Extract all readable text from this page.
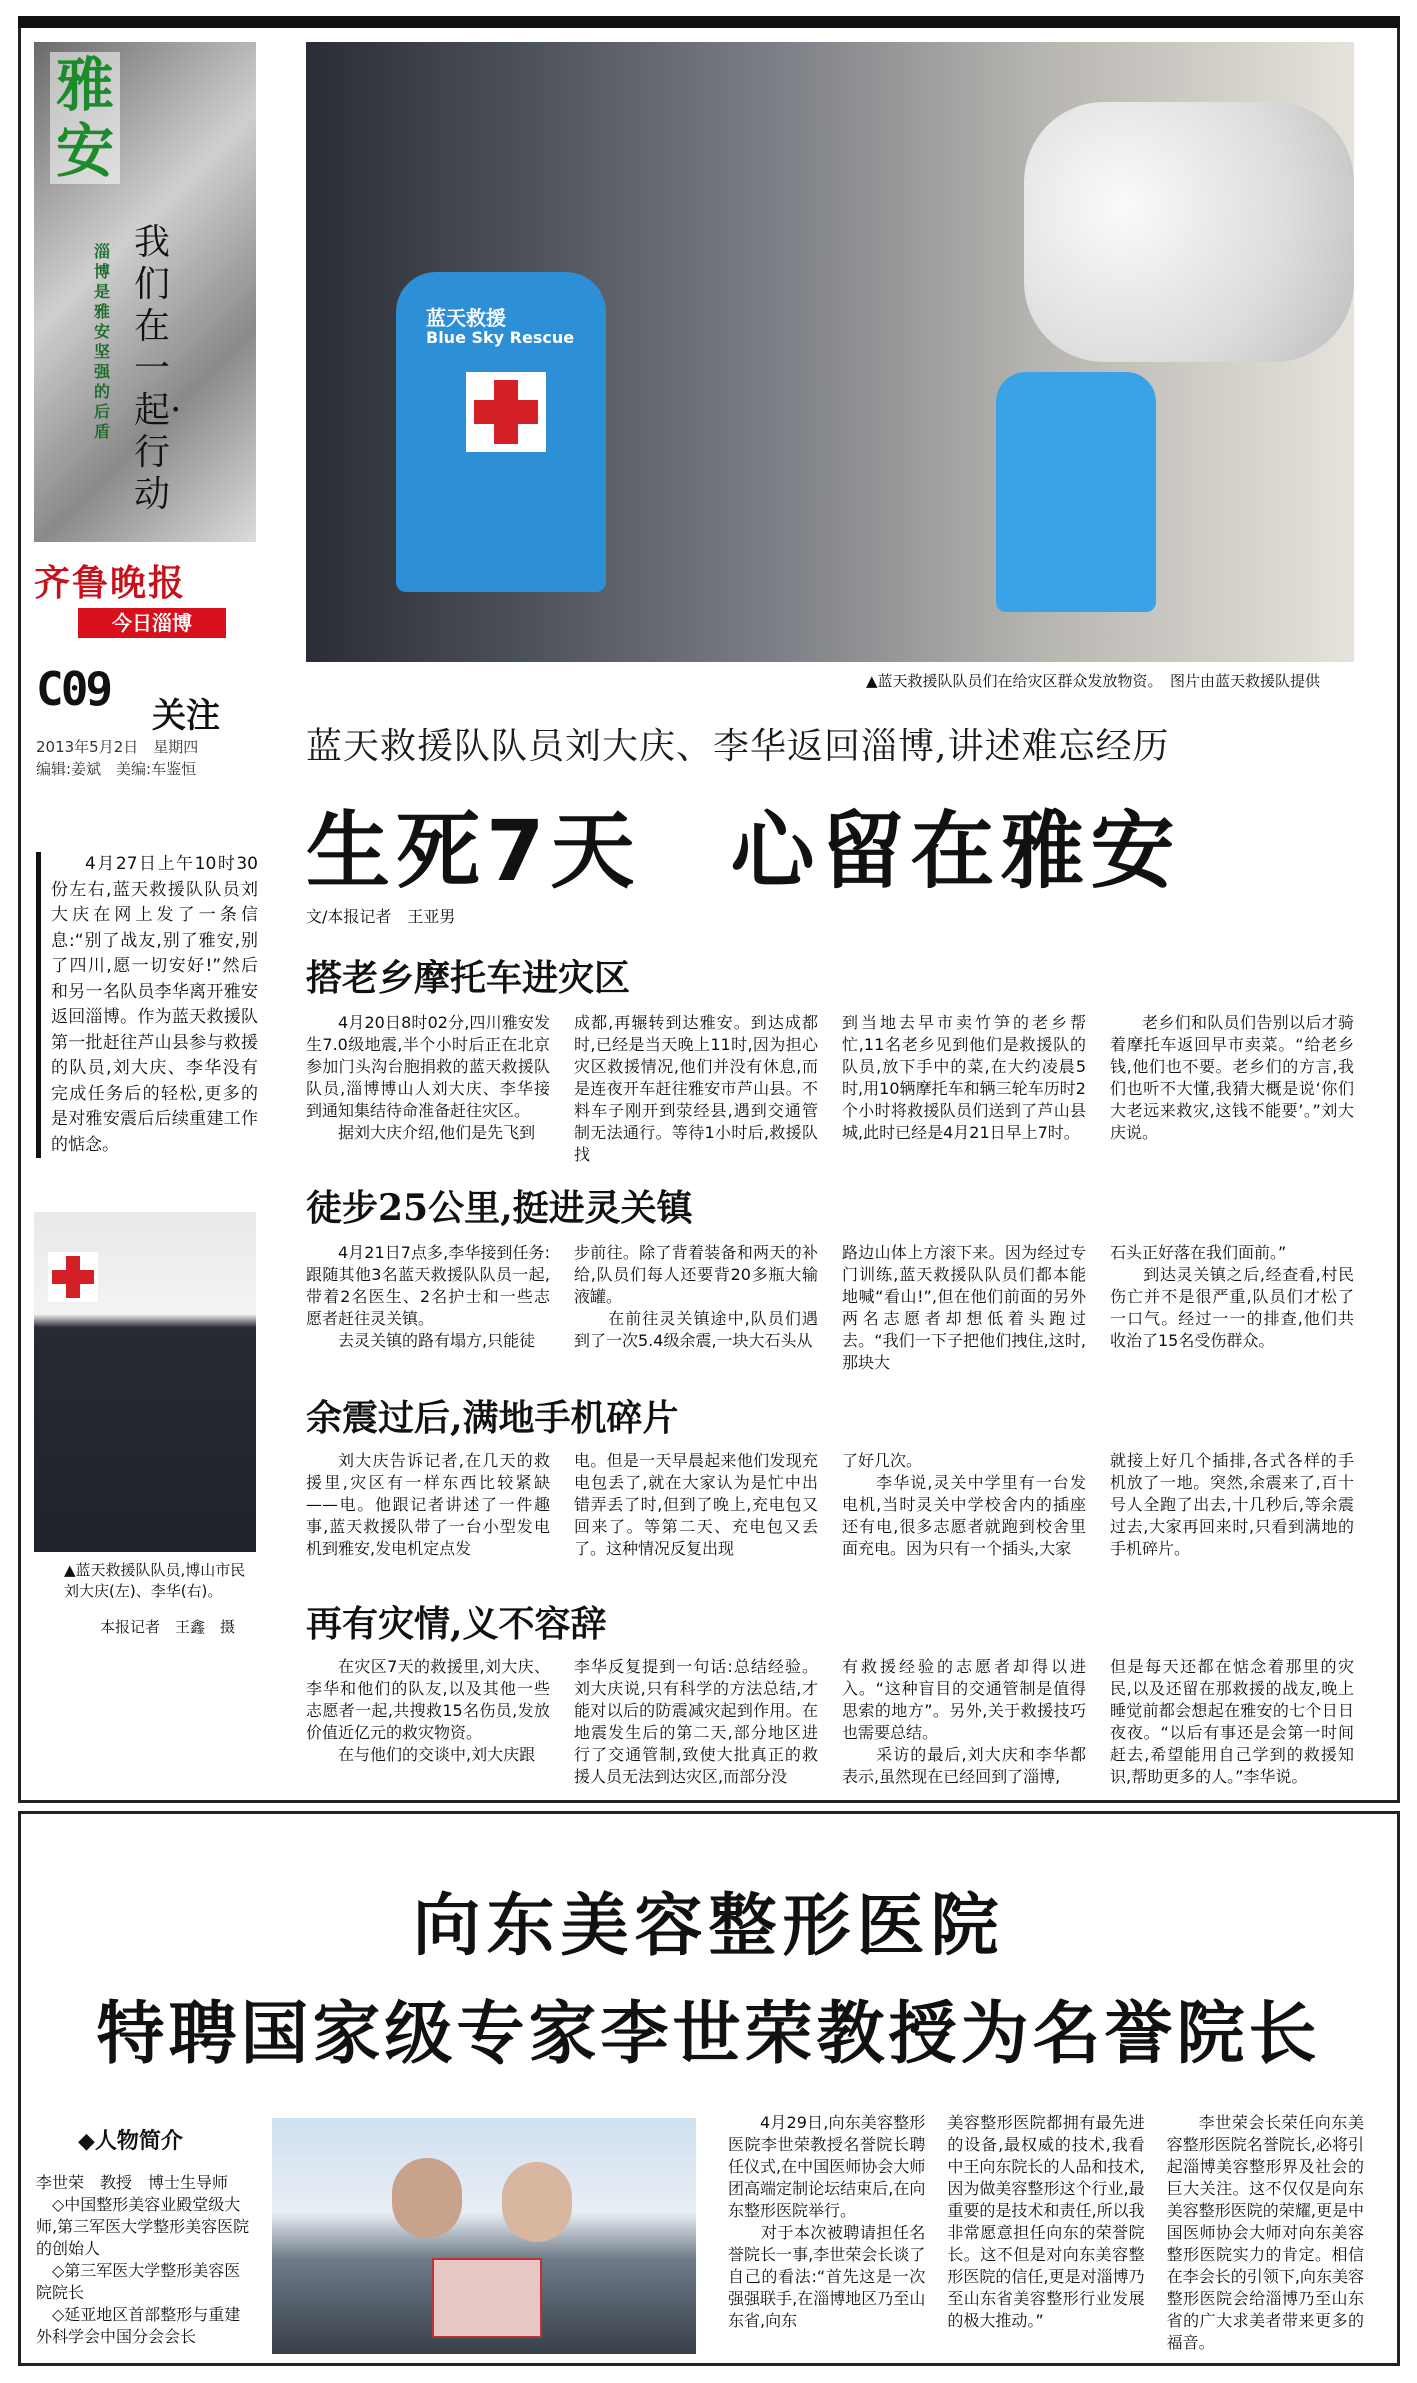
雅
安
淄博是雅安坚强的后盾
我们在一起·行动
齐鲁晚报
今日淄博
C09 关注
2013年5月2日　星期四
编辑:姜斌　美编:车鉴恒

4月27日上午10时30份左右,蓝天救援队队员刘大庆在网上发了一条信息:“别了战友,别了雅安,别了四川,愿一切安好!”然后和另一名队员李华离开雅安返回淄博。作为蓝天救援队第一批赶往芦山县参与救援的队员,刘大庆、李华没有完成任务后的轻松,更多的是对雅安震后后续重建工作的惦念。

▲蓝天救援队队员,博山市民刘大庆(左)、李华(右)。
本报记者　王鑫　摄
蓝天救援
Blue Sky Rescue
▲蓝天救援队队员们在给灾区群众发放物资。　图片由蓝天救援队提供
蓝天救援队队员刘大庆、李华返回淄博,讲述难忘经历
生死7天　心留在雅安
文/本报记者　王亚男
搭老乡摩托车进灾区
4月20日8时02分,四川雅安发生7.0级地震,半个小时后正在北京参加门头沟台胞捐救的蓝天救援队队员,淄博博山人刘大庆、李华接到通知集结待命准备赶往灾区。
　　据刘大庆介绍,他们是先飞到
成都,再辗转到达雅安。到达成都时,已经是当天晚上11时,因为担心灾区救援情况,他们并没有休息,而是连夜开车赶往雅安市芦山县。不料车子刚开到荥经县,遇到交通管制无法通行。等待1小时后,救援队找
到当地去早市卖竹笋的老乡帮忙,11名老乡见到他们是救援队的队员,放下手中的菜,在大约凌晨5时,用10辆摩托车和辆三轮车历时2个小时将救援队员们送到了芦山县城,此时已经是4月21日早上7时。
老乡们和队员们告别以后才骑着摩托车返回早市卖菜。“给老乡钱,他们也不要。老乡们的方言,我们也听不大懂,我猜大概是说‘你们大老远来救灾,这钱不能要’。”刘大庆说。
徒步25公里,挺进灵关镇
4月21日7点多,李华接到任务:跟随其他3名蓝天救援队队员一起,带着2名医生、2名护士和一些志愿者赶往灵关镇。
　　去灵关镇的路有塌方,只能徒
步前往。除了背着装备和两天的补给,队员们每人还要背20多瓶大输液罐。
　　在前往灵关镇途中,队员们遇到了一次5.4级余震,一块大石头从
路边山体上方滚下来。因为经过专门训练,蓝天救援队队员们都本能地喊“看山!”,但在他们前面的另外两名志愿者却想低着头跑过去。“我们一下子把他们拽住,这时,那块大
石头正好落在我们面前。”
　　到达灵关镇之后,经查看,村民伤亡并不是很严重,队员们才松了一口气。经过一一的排查,他们共收治了15名受伤群众。
余震过后,满地手机碎片
刘大庆告诉记者,在几天的救援里,灾区有一样东西比较紧缺——电。他跟记者讲述了一件趣事,蓝天救援队带了一台小型发电机到雅安,发电机定点发
电。但是一天早晨起来他们发现充电包丢了,就在大家认为是忙中出错弄丢了时,但到了晚上,充电包又回来了。等第二天、充电包又丢了。这种情况反复出现
了好几次。
　　李华说,灵关中学里有一台发电机,当时灵关中学校舍内的插座还有电,很多志愿者就跑到校舍里面充电。因为只有一个插头,大家
就接上好几个插排,各式各样的手机放了一地。突然,余震来了,百十号人全跑了出去,十几秒后,等余震过去,大家再回来时,只看到满地的手机碎片。
再有灾情,义不容辞
在灾区7天的救援里,刘大庆、李华和他们的队友,以及其他一些志愿者一起,共搜救15名伤员,发放价值近亿元的救灾物资。
　　在与他们的交谈中,刘大庆跟
李华反复提到一句话:总结经验。刘大庆说,只有科学的方法总结,才能对以后的防震减灾起到作用。在地震发生后的第二天,部分地区进行了交通管制,致使大批真正的救援人员无法到达灾区,而部分没
有救援经验的志愿者却得以进入。“这种盲目的交通管制是值得思索的地方”。另外,关于救援技巧也需要总结。
　　采访的最后,刘大庆和李华都表示,虽然现在已经回到了淄博,
但是每天还都在惦念着那里的灾民,以及还留在那救援的战友,晚上睡觉前都会想起在雅安的七个日日夜夜。“以后有事还是会第一时间赶去,希望能用自己学到的救援知识,帮助更多的人。”李华说。
向东美容整形医院
特聘国家级专家李世荣教授为名誉院长
◆人物简介
李世荣　教授　博士生导师
　◇中国整形美容业殿堂级大师,第三军医大学整形美容医院的创始人
　◇第三军医大学整形美容医院院长
　◇延亚地区首部整形与重建外科学会中国分会会长
4月29日,向东美容整形医院李世荣教授名誉院长聘任仪式,在中国医师协会大师团高端定制论坛结束后,在向东整形医院举行。
　　对于本次被聘请担任名誉院长一事,李世荣会长谈了自己的看法:“首先这是一次强强联手,在淄博地区乃至山东省,向东
美容整形医院都拥有最先进的设备,最权威的技术,我看中王向东院长的人品和技术,因为做美容整形这个行业,最重要的是技术和责任,所以我非常愿意担任向东的荣誉院长。这不但是对向东美容整形医院的信任,更是对淄博乃至山东省美容整形行业发展的极大推动。”
李世荣会长荣任向东美容整形医院名誉院长,必将引起淄博美容整形界及社会的巨大关注。这不仅仅是向东美容整形医院的荣耀,更是中国医师协会大师对向东美容整形医院实力的肯定。相信在李会长的引领下,向东美容整形医院会给淄博乃至山东省的广大求美者带来更多的福音。
